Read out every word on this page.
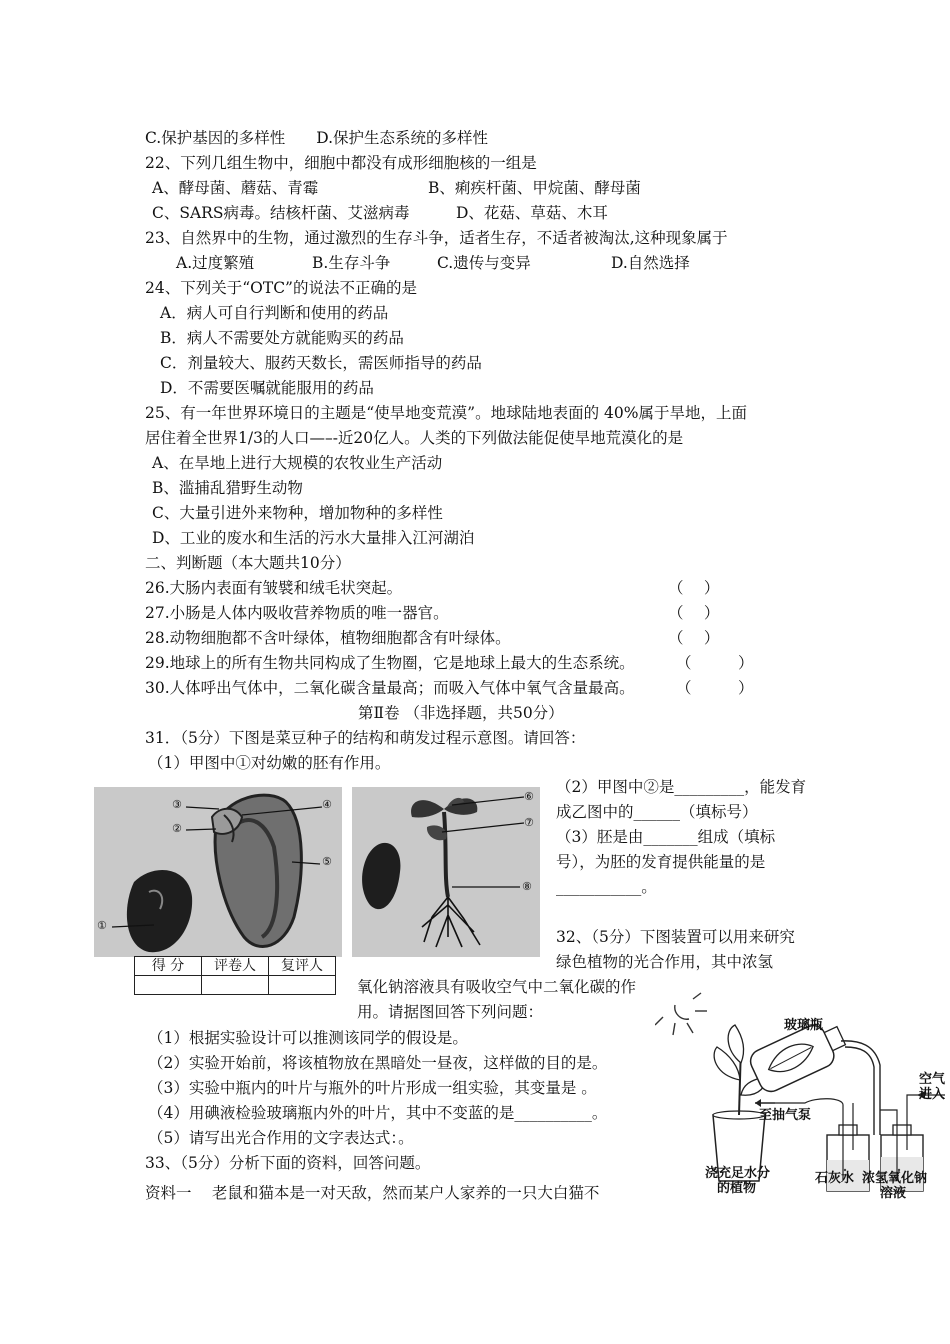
C.保护基因的多样性　　D.保护生态系统的多样性
22、下列几组生物中，细胞中都没有成形细胞核的一组是
A、酵母菌、蘑菇、青霉	B、痢疾杆菌、甲烷菌、酵母菌
C、SARS病毒。结核杆菌、艾滋病毒	D、花菇、草菇、木耳
23、自然界中的生物，通过激烈的生存斗争，适者生存，不适者被淘汰,这种现象属于
A.过度繁殖	B.生存斗争	C.遗传与变异	D.自然选择
24、下列关于“OTC”的说法不正确的是
A．病人可自行判断和使用的药品
B．病人不需要处方就能购买的药品
C．剂量较大、服药天数长，需医师指导的药品
D．不需要医嘱就能服用的药品
25、有一年世界环境日的主题是“使旱地变荒漠”。地球陆地表面的 40%属于旱地，上面
居住着全世界1/3的人口—–-近20亿人。人类的下列做法能促使旱地荒漠化的是
A、在旱地上进行大规模的农牧业生产活动
B、滥捕乱猎野生动物
C、大量引进外来物种，增加物种的多样性
D、工业的废水和生活的污水大量排入江河湖泊
二、判断题（本大题共10分）
26.大肠内表面有皱襞和绒毛状突起。	（　 ）
27.小肠是人体内吸收营养物质的唯一器官。	（　 ）
28.动物细胞都不含叶绿体，植物细胞都含有叶绿体。	（　 ）
29.地球上的所有生物共同构成了生物圈，它是地球上最大的生态系统。	（　　　）
30.人体呼出气体中，二氧化碳含量最高；而吸入气体中氧气含量最高。	（　　　）
第Ⅱ卷 （非选择题，共50分）
31．（5分）下图是菜豆种子的结构和萌发过程示意图。请回答：
（1）甲图中①对幼嫩的胚有作用。
③	④
②
⑤
①
得 分	评卷人	复评人

⑥
⑦
⑧
（2）甲图中②是_________，能发育成乙图中的______（填标号）
（3）胚是由_______组成（填标号），为胚的发育提供能量的是___________。
32、（5分）下图装置可以用来研究绿色植物的光合作用，其中浓氢
氧化钠溶液具有吸收空气中二氧化碳的作用。请据图回答下列问题：
（1）根据实验设计可以推测该同学的假设是。
（2）实验开始前，将该植物放在黑暗处一昼夜，这样做的目的是。
（3）实验中瓶内的叶片与瓶外的叶片形成一组实验，其变量是 。
（4）用碘液检验玻璃瓶内外的叶片，其中不变蓝的是__________。
（5）请写出光合作用的文字表达式：。
33、（5分）分析下面的资料，回答问题。
资料一　 老鼠和猫本是一对天敌，然而某户人家养的一只大白猫不
玻璃瓶
空气
进入
至抽气泵
浇充足水分
的植物
石灰水 浓氢氧化钠
溶液
